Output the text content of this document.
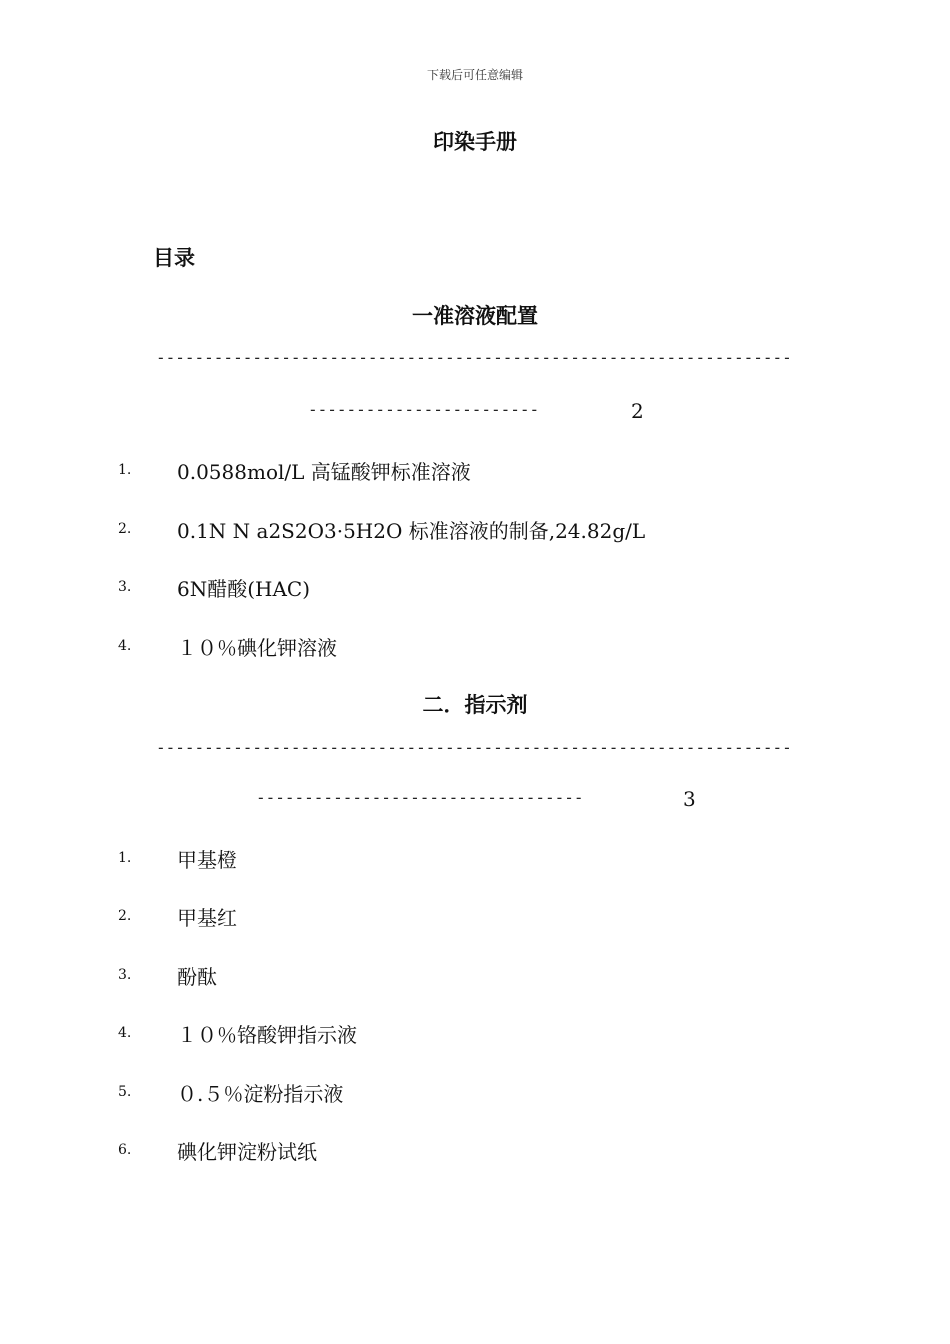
下载后可任意编辑
印染手册
目录
一准溶液配置
------------------------------------------------------------------
------------------------	2
1. 0.0588mol/L 高锰酸钾标准溶液
2. 0.1N N a2S2O3·5H2O 标准溶液的制备,24.82g/L
3. 6N醋酸(HAC)
4. １０％碘化钾溶液
二．指示剂
------------------------------------------------------------------
----------------------------------	3
1. 甲基橙
2. 甲基红
3. 酚酞
4. １０％铬酸钾指示液
5. ０.５％淀粉指示液
6. 碘化钾淀粉试纸
